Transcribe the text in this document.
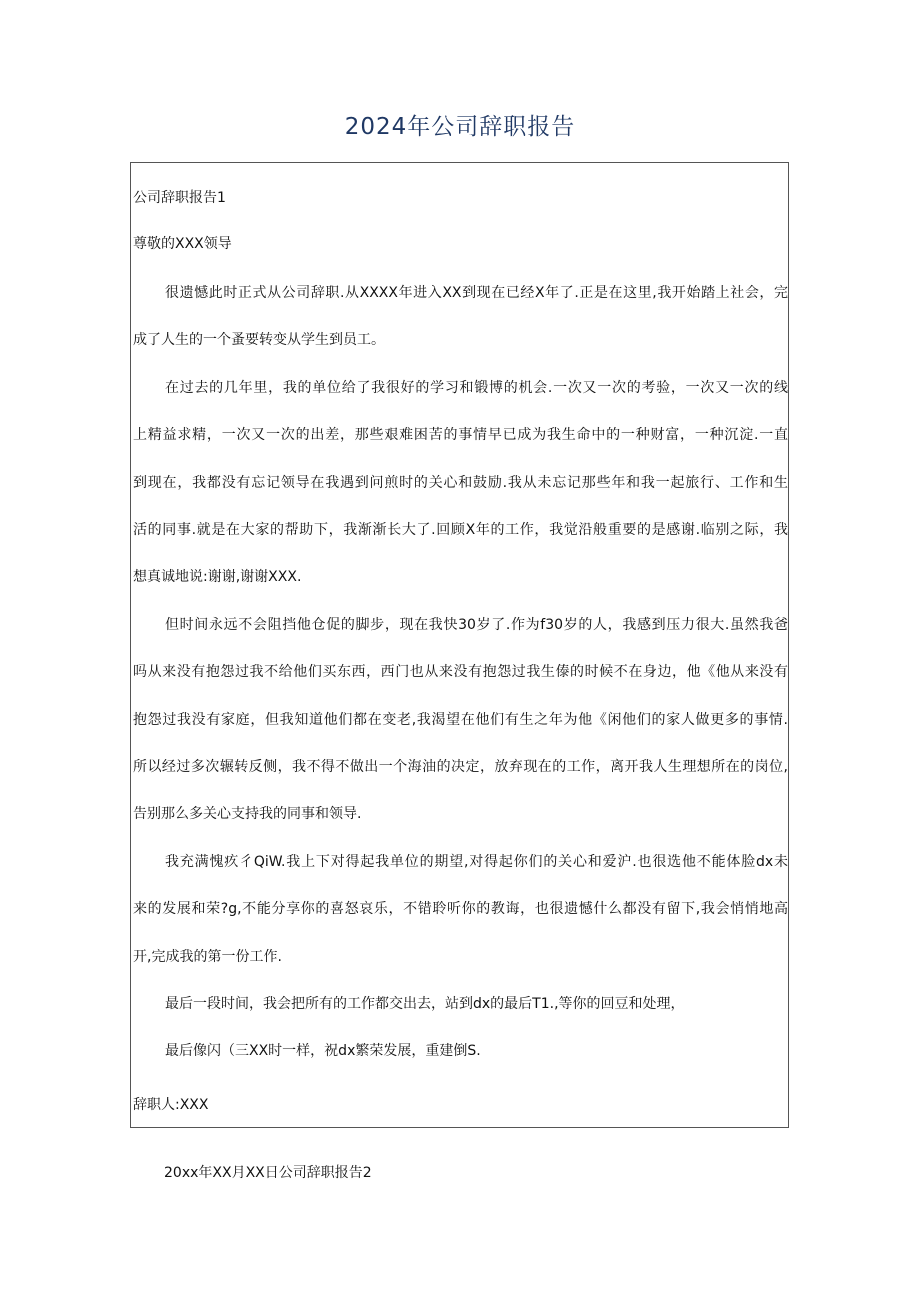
2024年公司辞职报告
公司辞职报告1
尊敬的XXX领导
很遗憾此时正式从公司辞职.从XXXX年进入XX到现在已经X年了.正是在这里,我开始踏上社会，完
成了人生的一个蚤要转变从学生到员工。
在过去的几年里，我的单位给了我很好的学习和锻博的机会.一次又一次的考验，一次又一次的线
上精益求精，一次又一次的出差，那些艰难困苦的事情早已成为我生命中的一种财富，一种沉淀.一直
到现在，我都没有忘记领导在我遇到问煎时的关心和鼓励.我从未忘记那些年和我一起旅行、工作和生
活的同事.就是在大家的帮助下，我渐渐长大了.回顾X年的工作，我觉沿般重要的是感谢.临别之际，我
想真诚地说:谢谢,谢谢XXX.
但时间永远不会阻挡他仓促的脚步，现在我快30岁了.作为f30岁的人，我感到压力很大.虽然我爸
吗从来没有抱怨过我不给他们买东西，西门也从来没有抱怨过我生傣的时候不在身边，他《他从来没有
抱怨过我没有家庭，但我知道他们都在变老,我渴望在他们有生之年为他《闲他们的家人做更多的事情.
所以经过多次辗转反侧，我不得不做出一个海油的决定，放弃现在的工作，离开我人生理想所在的岗位,
告别那么多关心支持我的同事和领导.
我充满愧疚彳QiW.我上下对得起我单位的期望,对得起你们的关心和爱沪.也很选他不能体脸dx未
来的发展和荣?g,不能分享你的喜怒哀乐，不错聆听你的教诲，也很遗憾什么都没有留下,我会悄悄地高
开,完成我的第一份工作.
最后一段时间，我会把所有的工作都交出去，站到dx的最后T1.,等你的回豆和处理，
最后像闪（三XX时一样，祝dx繁荣发展，重建倒S.
辞职人:XXX
20xx年XX月XX日公司辞职报告2
